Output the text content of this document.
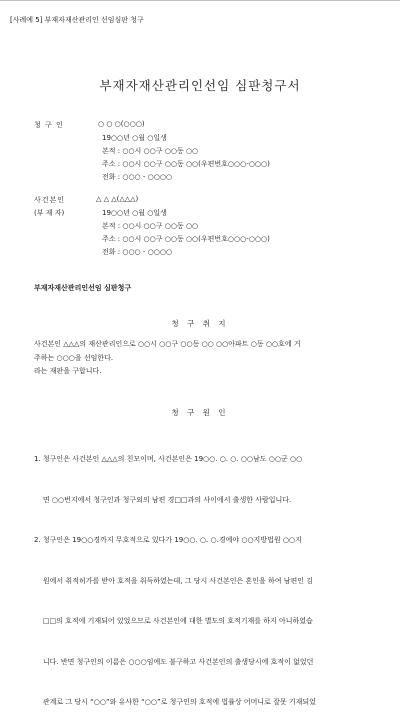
[사례예 5] 부재자재산관리인 선임심판 청구
부재자재산관리인선임 심판청구서
청 구 인	○ ○ ○(○○○)
19○○년 ○월 ○일생
본적 : ○○시 ○○구 ○○동 ○○
주소 : ○○시 ○○구 ○○동 ○○(우편번호○○○-○○○)
전화 : ○○○ - ○○○○
사건본인	△ △ △(△△△)
(부 재 자)	19○○년 ○월 ○일생
본적 : ○○시 ○○구 ○○동 ○○
주소 : ○○시 ○○구 ○○동 ○○(우편번호○○○-○○○)
전화 : ○○○ - ○○○○
부재자재산관리인선임 심판청구
청 구 취 지
사건본인 △△△의 재산관리인으로 ○○시 ○○구 ○○동 ○○ ○○아파트 ○동 ○○호에 거
주하는 ○○○을 선임한다.
라는 재판을 구합니다.
청 구 원 인

1. 청구인은 사건본인 △△△의 친모이며, 사건본인은 19○○. ○. ○. ○○남도 ○○군 ○○

면 ○○번지에서 청구인과 청구외의 남편 경□□과의 사이에서 출생한 사람입니다.

2. 청구인은 19○○경까지 무호적으로 있다가 19○○. ○. ○.경에야 ○○지방법원 ○○지

원에서 취적허가를 받아 호적을 취득하였는데, 그 당시 사건본인은 혼인을 하여 남편인 김

□□의 호적에 기재되어 있었으므로 사건본인에 대한 별도의 호적기재를 하지 아니하였습

니다. 반면 청구인의 이름은 ○○○임에도 불구하고 사건본인의 출생당시에 호적이 없었던

관계로 그 당시 “○○”와 유사한 “○○”로 청구인의 호적에 법률상 어머니로 잘못 기재되었
